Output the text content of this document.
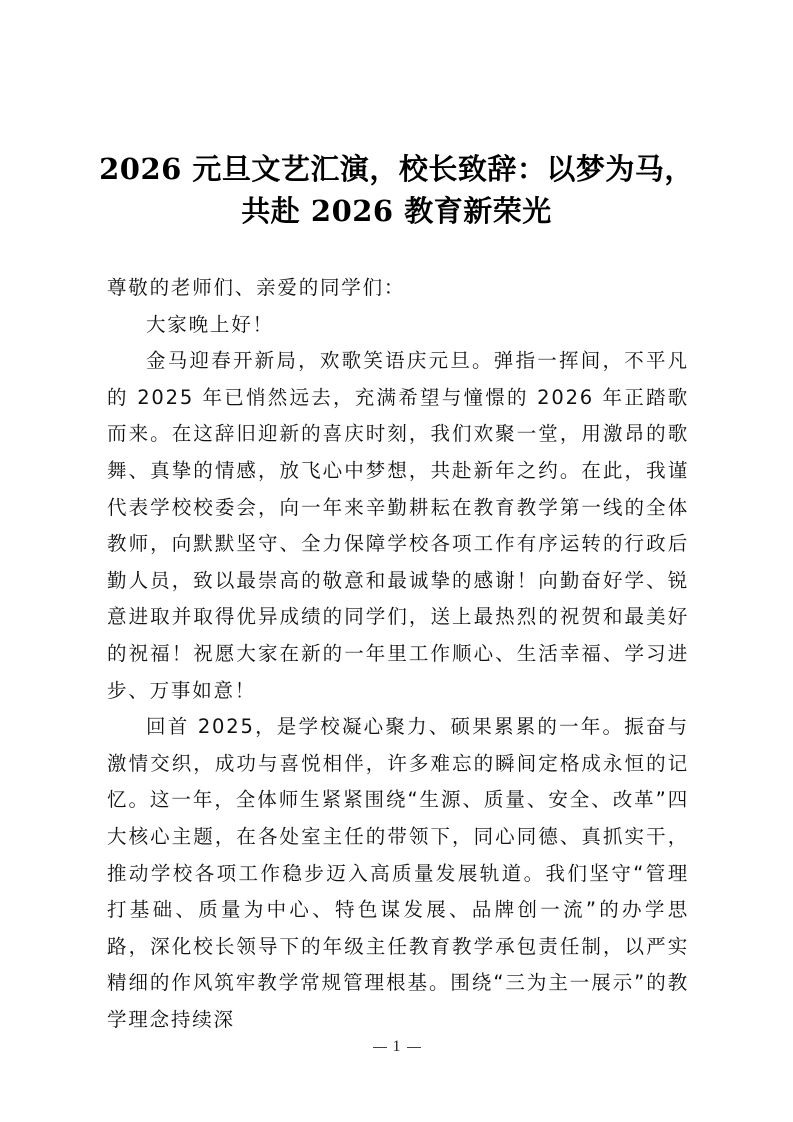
2026 元旦文艺汇演，校长致辞：以梦为马，
共赴 2026 教育新荣光

尊敬的老师们、亲爱的同学们：

大家晚上好！

金马迎春开新局，欢歌笑语庆元旦。弹指一挥间，不平凡的 2025 年已悄然远去，充满希望与憧憬的 2026 年正踏歌而来。在这辞旧迎新的喜庆时刻，我们欢聚一堂，用激昂的歌舞、真挚的情感，放飞心中梦想，共赴新年之约。在此，我谨代表学校校委会，向一年来辛勤耕耘在教育教学第一线的全体教师，向默默坚守、全力保障学校各项工作有序运转的行政后勤人员，致以最崇高的敬意和最诚挚的感谢！向勤奋好学、锐意进取并取得优异成绩的同学们，送上最热烈的祝贺和最美好的祝福！祝愿大家在新的一年里工作顺心、生活幸福、学习进步、万事如意！

回首 2025，是学校凝心聚力、硕果累累的一年。振奋与激情交织，成功与喜悦相伴，许多难忘的瞬间定格成永恒的记忆。这一年，全体师生紧紧围绕“生源、质量、安全、改革”四大核心主题，在各处室主任的带领下，同心同德、真抓实干，推动学校各项工作稳步迈入高质量发展轨道。我们坚守“管理打基础、质量为中心、特色谋发展、品牌创一流”的办学思路，深化校长领导下的年级主任教育教学承包责任制，以严实精细的作风筑牢教学常规管理根基。围绕“三为主一展示”的教学理念持续深

1
